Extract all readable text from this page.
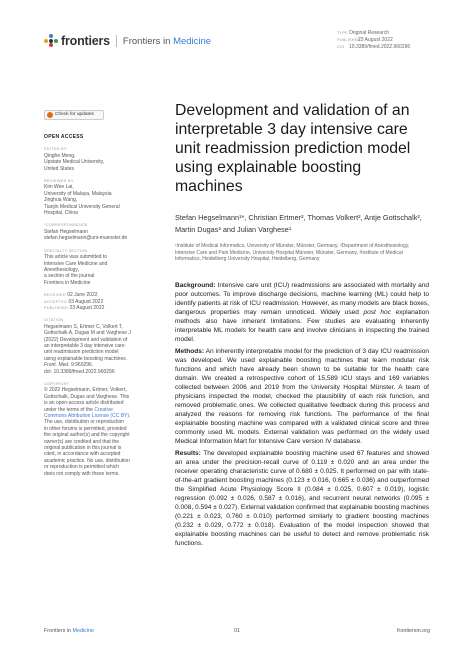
frontiers Frontiers in Medicine
TYPE Original Research
PUBLISHED
23 August 2022
DOI 10.3389/fmed.2022.960296
Check for updates
OPEN ACCESS
EDITED BY
Qinghe Meng,
Upstate Medical University,
United States
REVIEWED BY
Kim Wee Lai,
University of Malaya, Malaysia
Jinghua Wang,
Tianjin Medical University General
Hospital, China
*CORRESPONDENCE
Stefan Hegselmann
stefan.hegselmann@uni-muenster.de
SPECIALTY SECTION
This article was submitted to
Intensive Care Medicine and
Anesthesiology,
a section of the journal
Frontiers in Medicine
RECEIVED 02 June 2022
ACCEPTED 03 August 2022
PUBLISHED 23 August 2022
CITATION
Hegselmann S, Ertmer C, Volkert T,
Gottschalk A, Dugas M and Varghese J
(2022) Development and validation of
an interpretable 3 day intensive care
unit readmission prediction model
using explainable boosting machines.
Front. Med. 9:960296.
doi: 10.3389/fmed.2022.960296
COPYRIGHT
© 2022 Hegselmann, Ertmer, Volkert,
Gottschalk, Dugas and Varghese. This
is an open-access article distributed
under the terms of the Creative
Commons Attribution License (CC BY).
The use, distribution or reproduction
in other forums is permitted, provided
the original author(s) and the copyright
owner(s) are credited and that the
original publication in this journal is
cited, in accordance with accepted
academic practice. No use, distribution
or reproduction is permitted which
does not comply with these terms.
Development and validation of an interpretable 3 day intensive care unit readmission prediction model using explainable boosting machines
Stefan Hegselmann¹*, Christian Ertmer², Thomas Volkert², Antje Gottschalk², Martin Dugas³ and Julian Varghese¹
¹Institute of Medical Informatics, University of Münster, Münster, Germany, ²Department of Anesthesiology, Intensive Care and Pain Medicine, University Hospital Münster, Münster, Germany, ³Institute of Medical Informatics, Heidelberg University Hospital, Heidelberg, Germany

Background: Intensive care unit (ICU) readmissions are associated with mortality and poor outcomes. To improve discharge decisions, machine learning (ML) could help to identify patients at risk of ICU readmission. However, as many models are black boxes, dangerous properties may remain unnoticed. Widely used post hoc explanation methods also have inherent limitations. Few studies are evaluating inherently interpretable ML models for health care and involve clinicians in inspecting the trained model.

Methods: An inherently interpretable model for the prediction of 3 day ICU readmission was developed. We used explainable boosting machines that learn modular risk functions and which have already been shown to be suitable for the health care domain. We created a retrospective cohort of 15,589 ICU stays and 169 variables collected between 2006 and 2019 from the University Hospital Münster. A team of physicians inspected the model, checked the plausibility of each risk function, and removed problematic ones. We collected qualitative feedback during this process and analyzed the reasons for removing risk functions. The performance of the final explainable boosting machine was compared with a validated clinical score and three commonly used ML models. External validation was performed on the widely used Medical Information Mart for Intensive Care version IV database.

Results: The developed explainable boosting machine used 67 features and showed an area under the precision-recall curve of 0.119 ± 0.020 and an area under the receiver operating characteristic curve of 0.680 ± 0.025. It performed on par with state-of-the-art gradient boosting machines (0.123 ± 0.016, 0.665 ± 0.036) and outperformed the Simplified Acute Physiology Score II (0.084 ± 0.025, 0.607 ± 0.019), logistic regression (0.092 ± 0.026, 0.587 ± 0.016), and recurrent neural networks (0.095 ± 0.008, 0.594 ± 0.027). External validation confirmed that explainable boosting machines (0.221 ± 0.023, 0.760 ± 0.010) performed similarly to gradient boosting machines (0.232 ± 0.029, 0.772 ± 0.018). Evaluation of the model inspection showed that explainable boosting machines can be useful to detect and remove problematic risk functions.

Frontiers in Medicine	01	frontiersin.org
